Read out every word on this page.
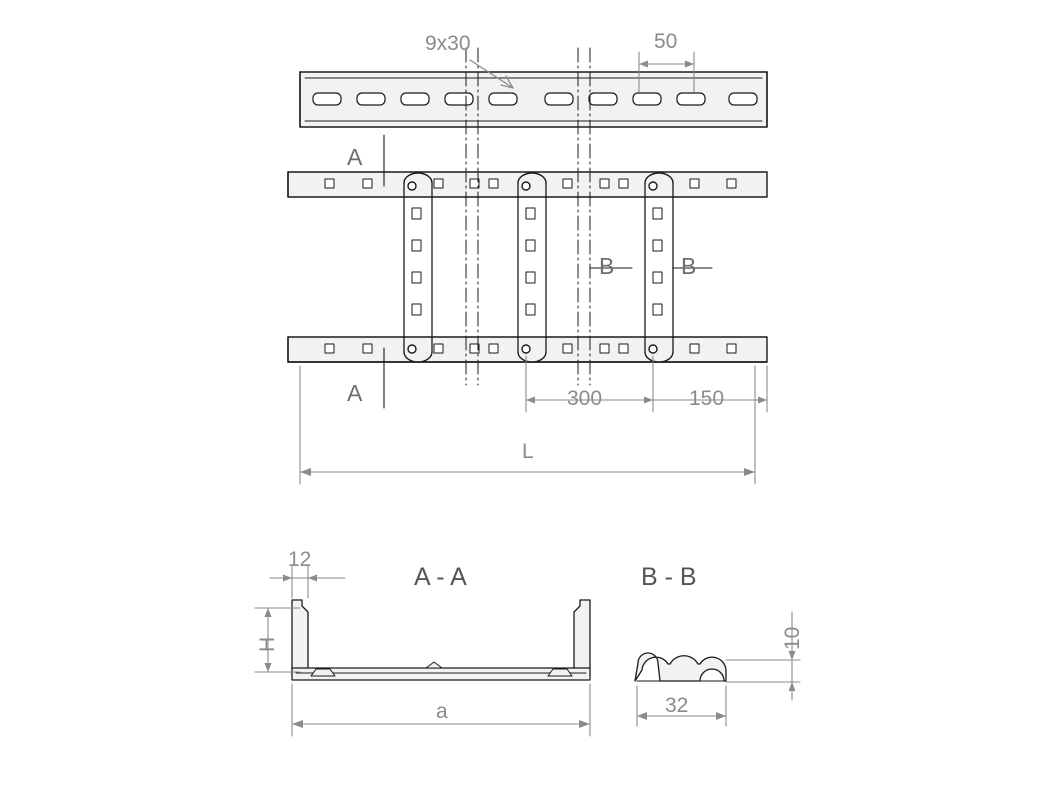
9x30	50
A
A
B	B
300	150
L
12
A - A	B - B
H
a
10
32
